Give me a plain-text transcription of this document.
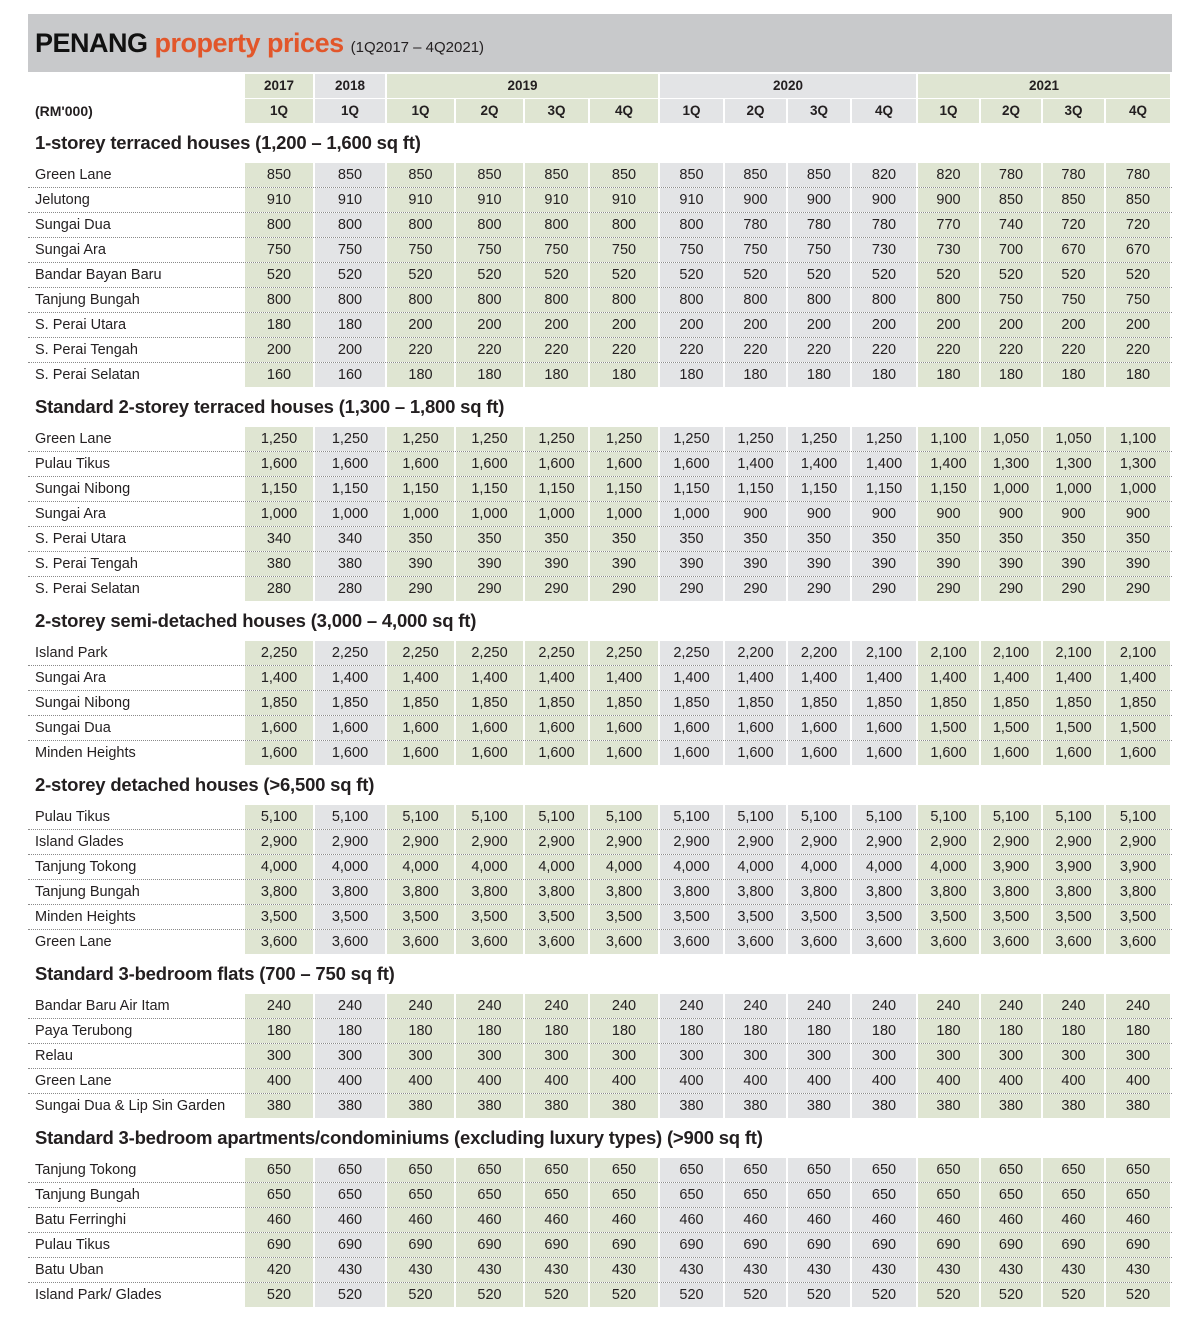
PENANG property prices (1Q2017 – 4Q2021)
2017	2018	2019	2020	2021
(RM'000)	1Q	1Q	1Q	2Q	3Q	4Q	1Q	2Q	3Q	4Q	1Q	2Q	3Q	4Q
1-storey terraced houses (1,200 – 1,600 sq ft)
Green Lane	850	850	850	850	850	850	850	850	850	820	820	780	780	780
Jelutong	910	910	910	910	910	910	910	900	900	900	900	850	850	850
Sungai Dua	800	800	800	800	800	800	800	780	780	780	770	740	720	720
Sungai Ara	750	750	750	750	750	750	750	750	750	730	730	700	670	670
Bandar Bayan Baru	520	520	520	520	520	520	520	520	520	520	520	520	520	520
Tanjung Bungah	800	800	800	800	800	800	800	800	800	800	800	750	750	750
S. Perai Utara	180	180	200	200	200	200	200	200	200	200	200	200	200	200
S. Perai Tengah	200	200	220	220	220	220	220	220	220	220	220	220	220	220
S. Perai Selatan	160	160	180	180	180	180	180	180	180	180	180	180	180	180
Standard 2-storey terraced houses (1,300 – 1,800 sq ft)
Green Lane	1,250	1,250	1,250	1,250	1,250	1,250	1,250	1,250	1,250	1,250	1,100	1,050	1,050	1,100
Pulau Tikus	1,600	1,600	1,600	1,600	1,600	1,600	1,600	1,400	1,400	1,400	1,400	1,300	1,300	1,300
Sungai Nibong	1,150	1,150	1,150	1,150	1,150	1,150	1,150	1,150	1,150	1,150	1,150	1,000	1,000	1,000
Sungai Ara	1,000	1,000	1,000	1,000	1,000	1,000	1,000	900	900	900	900	900	900	900
S. Perai Utara	340	340	350	350	350	350	350	350	350	350	350	350	350	350
S. Perai Tengah	380	380	390	390	390	390	390	390	390	390	390	390	390	390
S. Perai Selatan	280	280	290	290	290	290	290	290	290	290	290	290	290	290
2-storey semi-detached houses (3,000 – 4,000 sq ft)
Island Park	2,250	2,250	2,250	2,250	2,250	2,250	2,250	2,200	2,200	2,100	2,100	2,100	2,100	2,100
Sungai Ara	1,400	1,400	1,400	1,400	1,400	1,400	1,400	1,400	1,400	1,400	1,400	1,400	1,400	1,400
Sungai Nibong	1,850	1,850	1,850	1,850	1,850	1,850	1,850	1,850	1,850	1,850	1,850	1,850	1,850	1,850
Sungai Dua	1,600	1,600	1,600	1,600	1,600	1,600	1,600	1,600	1,600	1,600	1,500	1,500	1,500	1,500
Minden Heights	1,600	1,600	1,600	1,600	1,600	1,600	1,600	1,600	1,600	1,600	1,600	1,600	1,600	1,600
2-storey detached houses (>6,500 sq ft)
Pulau Tikus	5,100	5,100	5,100	5,100	5,100	5,100	5,100	5,100	5,100	5,100	5,100	5,100	5,100	5,100
Island Glades	2,900	2,900	2,900	2,900	2,900	2,900	2,900	2,900	2,900	2,900	2,900	2,900	2,900	2,900
Tanjung Tokong	4,000	4,000	4,000	4,000	4,000	4,000	4,000	4,000	4,000	4,000	4,000	3,900	3,900	3,900
Tanjung Bungah	3,800	3,800	3,800	3,800	3,800	3,800	3,800	3,800	3,800	3,800	3,800	3,800	3,800	3,800
Minden Heights	3,500	3,500	3,500	3,500	3,500	3,500	3,500	3,500	3,500	3,500	3,500	3,500	3,500	3,500
Green Lane	3,600	3,600	3,600	3,600	3,600	3,600	3,600	3,600	3,600	3,600	3,600	3,600	3,600	3,600
Standard 3-bedroom flats (700 – 750 sq ft)
Bandar Baru Air Itam	240	240	240	240	240	240	240	240	240	240	240	240	240	240
Paya Terubong	180	180	180	180	180	180	180	180	180	180	180	180	180	180
Relau	300	300	300	300	300	300	300	300	300	300	300	300	300	300
Green Lane	400	400	400	400	400	400	400	400	400	400	400	400	400	400
Sungai Dua & Lip Sin Garden	380	380	380	380	380	380	380	380	380	380	380	380	380	380
Standard 3-bedroom apartments/condominiums (excluding luxury types) (>900 sq ft)
Tanjung Tokong	650	650	650	650	650	650	650	650	650	650	650	650	650	650
Tanjung Bungah	650	650	650	650	650	650	650	650	650	650	650	650	650	650
Batu Ferringhi	460	460	460	460	460	460	460	460	460	460	460	460	460	460
Pulau Tikus	690	690	690	690	690	690	690	690	690	690	690	690	690	690
Batu Uban	420	430	430	430	430	430	430	430	430	430	430	430	430	430
Island Park/ Glades	520	520	520	520	520	520	520	520	520	520	520	520	520	520
